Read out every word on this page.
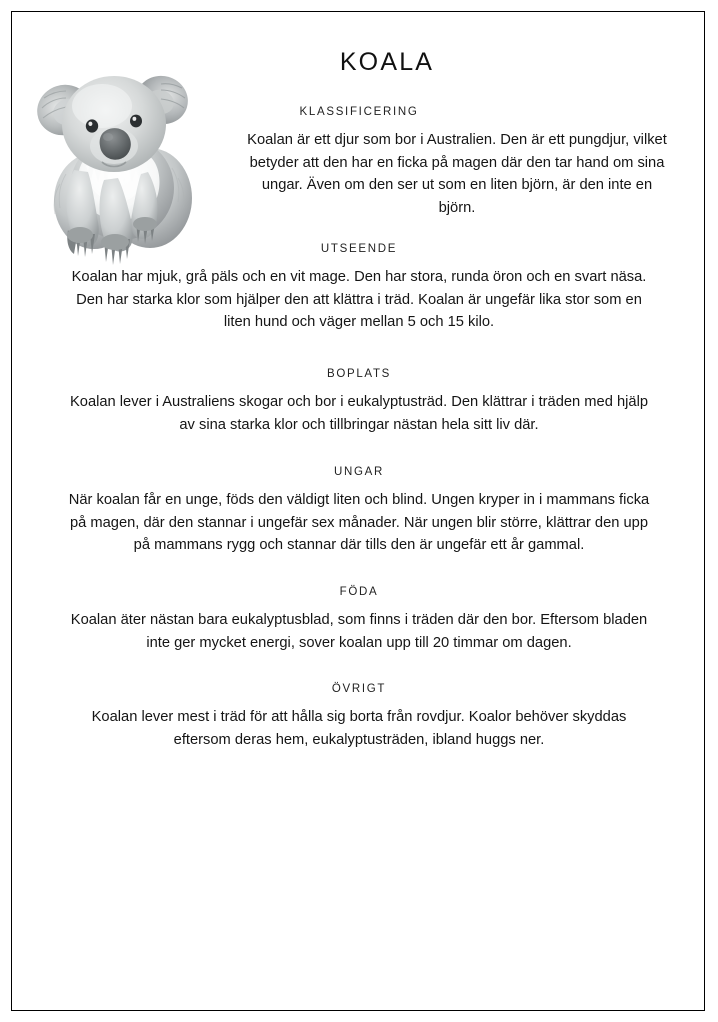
KOALA
KLASSIFICERING

Koalan är ett djur som bor i Australien. Den är ett pungdjur, vilket
betyder att den har en ficka på magen där den tar hand om sina
ungar. Även om den ser ut som en liten björn, är den inte en
björn.

UTSEENDE

Koalan har mjuk, grå päls och en vit mage. Den har stora, runda öron och en svart näsa.
Den har starka klor som hjälper den att klättra i träd. Koalan är ungefär lika stor som en
liten hund och väger mellan 5 och 15 kilo.

BOPLATS

Koalan lever i Australiens skogar och bor i eukalyptusträd. Den klättrar i träden med hjälp
av sina starka klor och tillbringar nästan hela sitt liv där.

UNGAR

När koalan får en unge, föds den väldigt liten och blind. Ungen kryper in i mammans ficka
på magen, där den stannar i ungefär sex månader. När ungen blir större, klättrar den upp
på mammans rygg och stannar där tills den är ungefär ett år gammal.

FÖDA

Koalan äter nästan bara eukalyptusblad, som finns i träden där den bor. Eftersom bladen
inte ger mycket energi, sover koalan upp till 20 timmar om dagen.

ÖVRIGT

Koalan lever mest i träd för att hålla sig borta från rovdjur. Koalor behöver skyddas
eftersom deras hem, eukalyptusträden, ibland huggs ner.
